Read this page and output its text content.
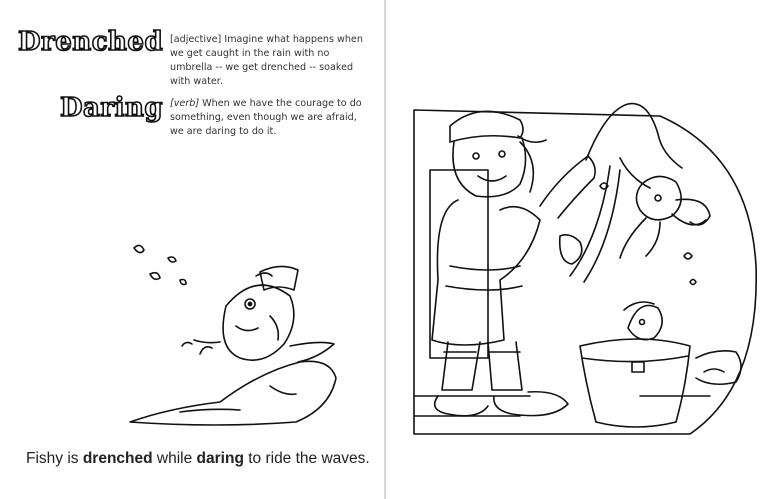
Drenched [adjective] Imagine what happens when we get caught in the rain with no umbrella -- we get drenched -- soaked with water.
Daring [verb] When we have the courage to do something, even though we are afraid, we are daring to do it.
Fishy is drenched while daring to ride the waves.
